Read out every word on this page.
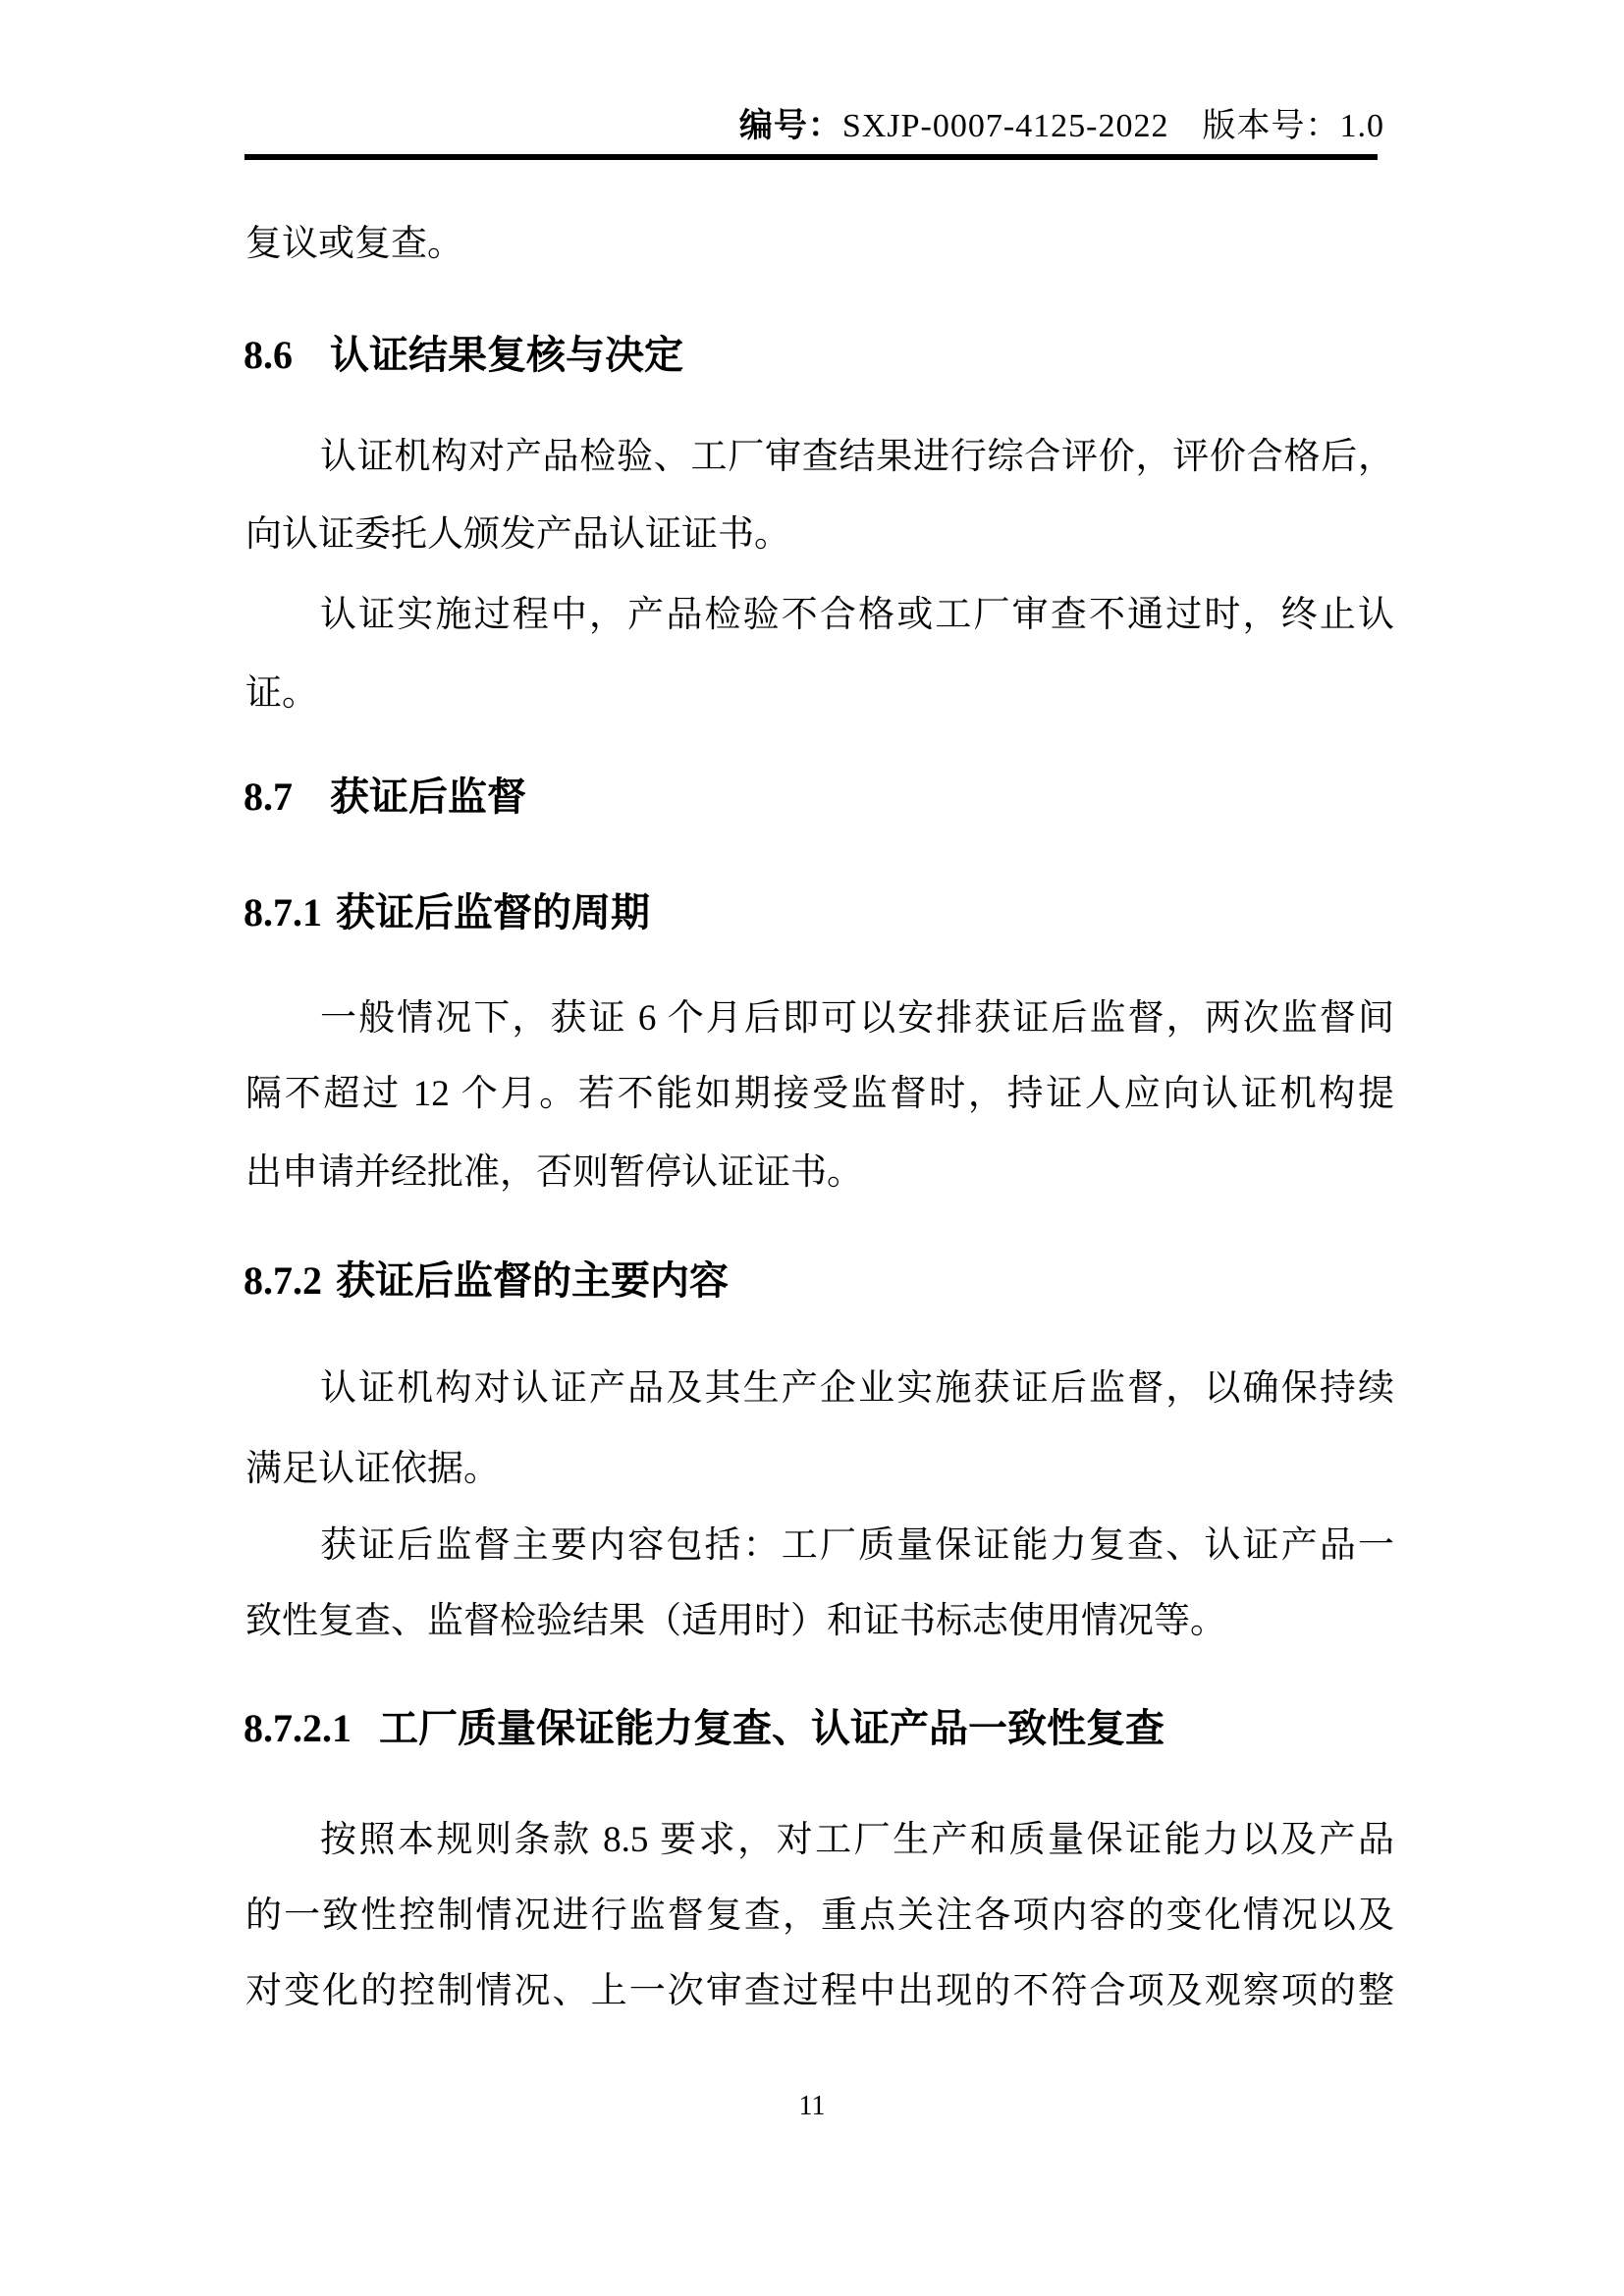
编号：SXJP-0007-4125-2022 版本号：1.0
复议或复查。
8.6 认证结果复核与决定
认证机构对产品检验、工厂审查结果进行综合评价，评价合格后，
向认证委托人颁发产品认证证书。
认证实施过程中，产品检验不合格或工厂审查不通过时，终止认
证。
8.7 获证后监督
8.7.1 获证后监督的周期
一般情况下，获证 6 个月后即可以安排获证后监督，两次监督间
隔不超过 12 个月。若不能如期接受监督时，持证人应向认证机构提
出申请并经批准，否则暂停认证证书。
8.7.2 获证后监督的主要内容
认证机构对认证产品及其生产企业实施获证后监督，以确保持续
满足认证依据。
获证后监督主要内容包括：工厂质量保证能力复查、认证产品一
致性复查、监督检验结果（适用时）和证书标志使用情况等。
8.7.2.1 工厂质量保证能力复查、认证产品一致性复查
按照本规则条款 8.5 要求，对工厂生产和质量保证能力以及产品
的一致性控制情况进行监督复查，重点关注各项内容的变化情况以及
对变化的控制情况、上一次审查过程中出现的不符合项及观察项的整
11
